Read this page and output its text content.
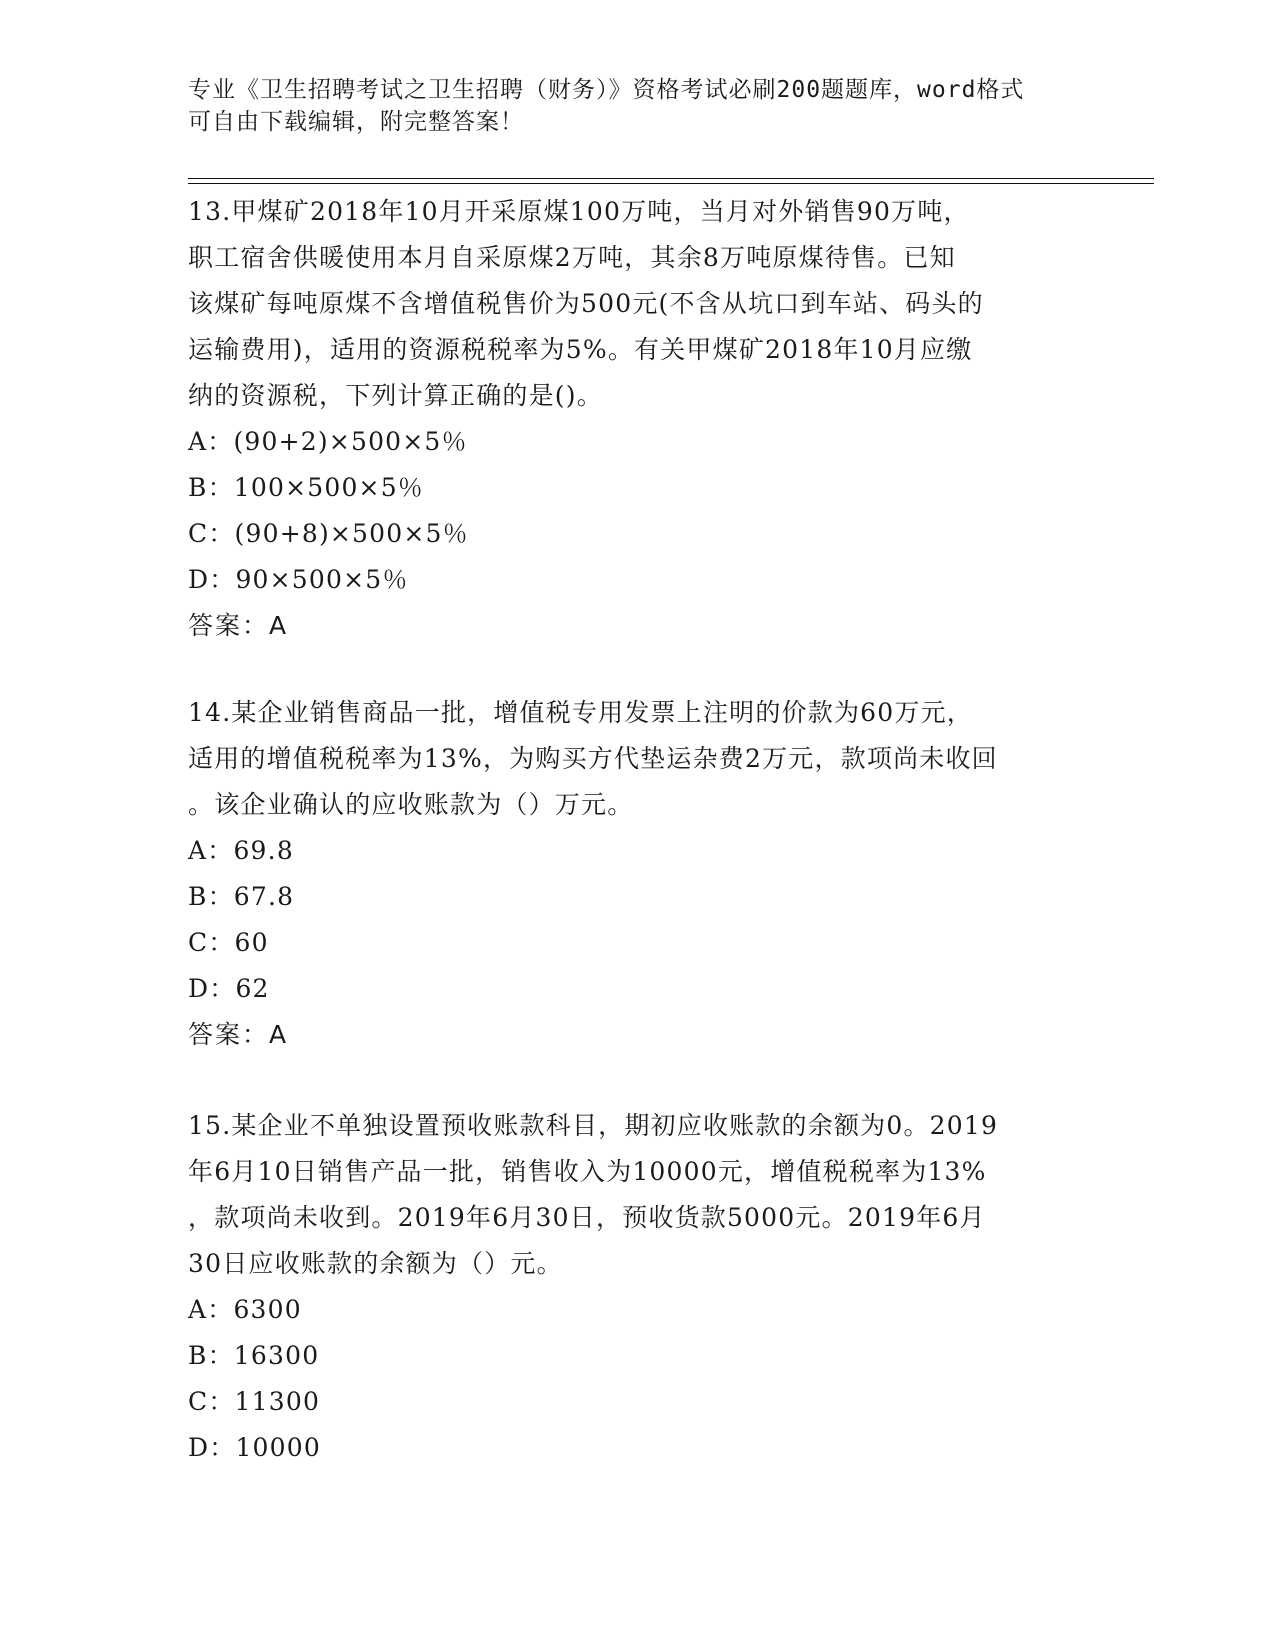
专业《卫生招聘考试之卫生招聘（财务）》资格考试必刷200题题库，word格式
可自由下载编辑，附完整答案！
13.甲煤矿2018年10月开采原煤100万吨，当月对外销售90万吨，
职工宿舍供暖使用本月自采原煤2万吨，其余8万吨原煤待售。已知
该煤矿每吨原煤不含增值税售价为500元(不含从坑口到车站、码头的
运输费用)，适用的资源税税率为5%。有关甲煤矿2018年10月应缴
纳的资源税，下列计算正确的是()。
A：(90+2)×500×5％
B：100×500×5％
C：(90+8)×500×5％
D：90×500×5％
答案：A
14.某企业销售商品一批，增值税专用发票上注明的价款为60万元，
适用的增值税税率为13%，为购买方代垫运杂费2万元，款项尚未收回
。该企业确认的应收账款为（）万元。
A：69.8
B：67.8
C：60
D：62
答案：A
15.某企业不单独设置预收账款科目，期初应收账款的余额为0。2019
年6月10日销售产品一批，销售收入为10000元，增值税税率为13%
，款项尚未收到。2019年6月30日，预收货款5000元。2019年6月
30日应收账款的余额为（）元。
A：6300
B：16300
C：11300
D：10000
